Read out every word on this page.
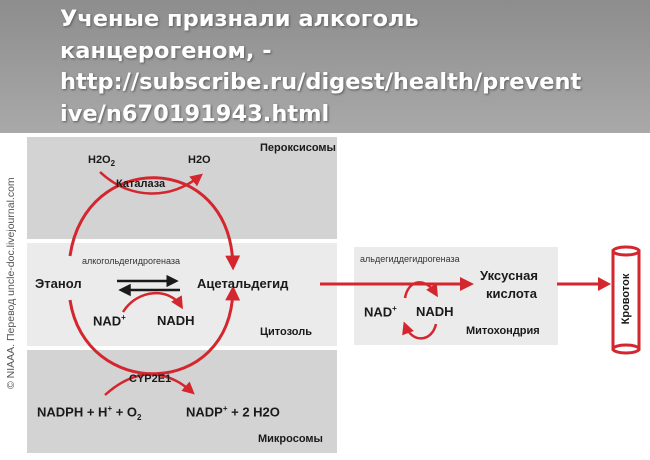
Ученые признали алкоголь
канцерогеном, -
http://subscribe.ru/digest/health/prevent
ive/n670191943.html

© NIAAA. Перевод uncle-doc.livejournal.com
Пероксисомы
Цитозоль
Микросомы
Митохондрия
Кровоток
Каталаза
алкогольдегидрогеназа
CYP2E1
альдегиддегидрогеназа
$H2O_2$	H2O
Этанол	Ацетальдегид
NAD+ NADH
NADPH + $H^+ + O_2$	NADP+ + 2 H2O
Уксусная
кислота
NAD+ NADH
